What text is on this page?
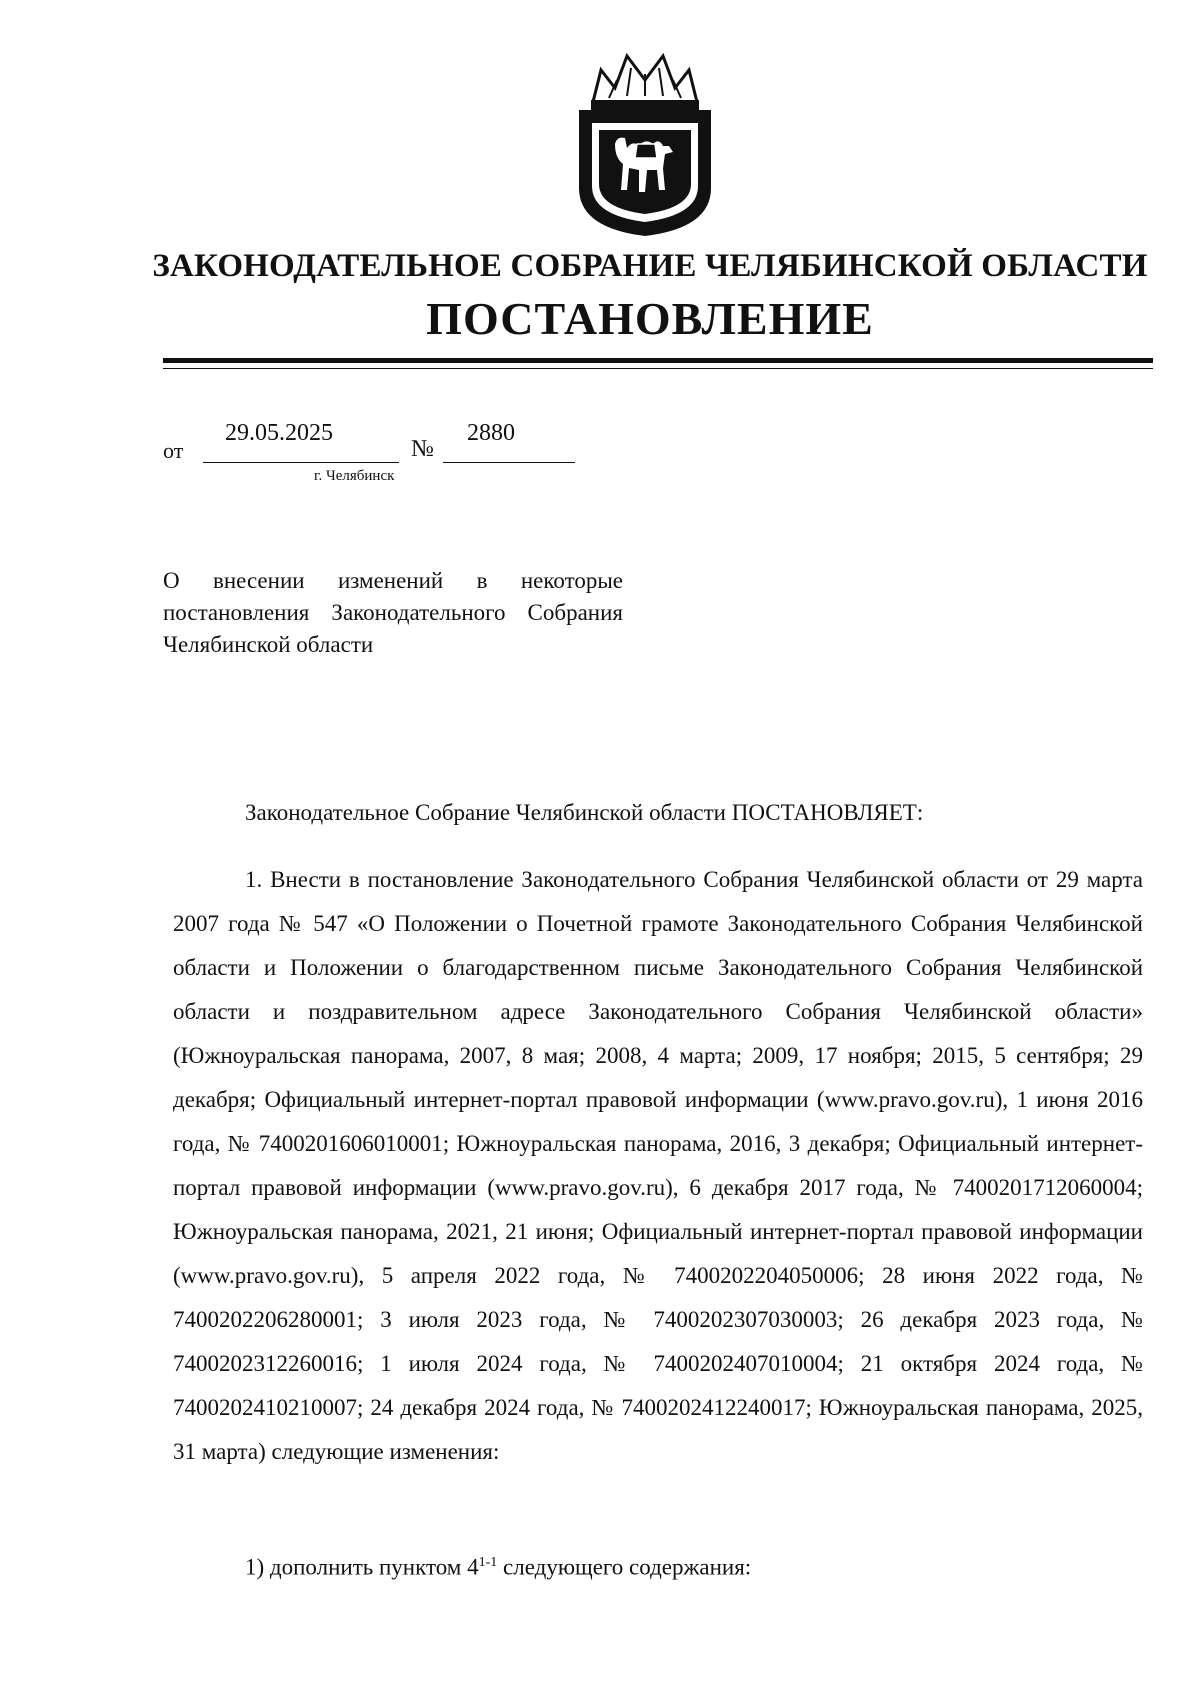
ЗАКОНОДАТЕЛЬНОЕ СОБРАНИЕ ЧЕЛЯБИНСКОЙ ОБЛАСТИ
ПОСТАНОВЛЕНИЕ
от
29.05.2025
№
2880
г. Челябинск
О внесении изменений в некоторые постановления Законодательного Собрания Челябинской области
Законодательное Собрание Челябинской области ПОСТАНОВЛЯЕТ:
1. Внести в постановление Законодательного Собрания Челябинской области от 29 марта 2007 года № 547 «О Положении о Почетной грамоте Законодательного Собрания Челябинской области и Положении о благодарственном письме Законодательного Собрания Челябинской области и поздравительном адресе Законодательного Собрания Челябинской области» (Южноуральская панорама, 2007, 8 мая; 2008, 4 марта; 2009, 17 ноября; 2015, 5 сентября; 29 декабря; Официальный интернет-портал правовой информации (www.pravo.gov.ru), 1 июня 2016 года, № 7400201606010001; Южноуральская панорама, 2016, 3 декабря; Официальный интернет-портал правовой информации (www.pravo.gov.ru), 6 декабря 2017 года, № 7400201712060004; Южноуральская панорама, 2021, 21 июня; Официальный интернет-портал правовой информации (www.pravo.gov.ru), 5 апреля 2022 года, № 7400202204050006; 28 июня 2022 года, № 7400202206280001; 3 июля 2023 года, № 7400202307030003; 26 декабря 2023 года, № 7400202312260016; 1 июля 2024 года, № 7400202407010004; 21 октября 2024 года, № 7400202410210007; 24 декабря 2024 года, № 7400202412240017; Южноуральская панорама, 2025, 31 марта) следующие изменения:
1) дополнить пунктом 4$^{1-1}$ следующего содержания:
